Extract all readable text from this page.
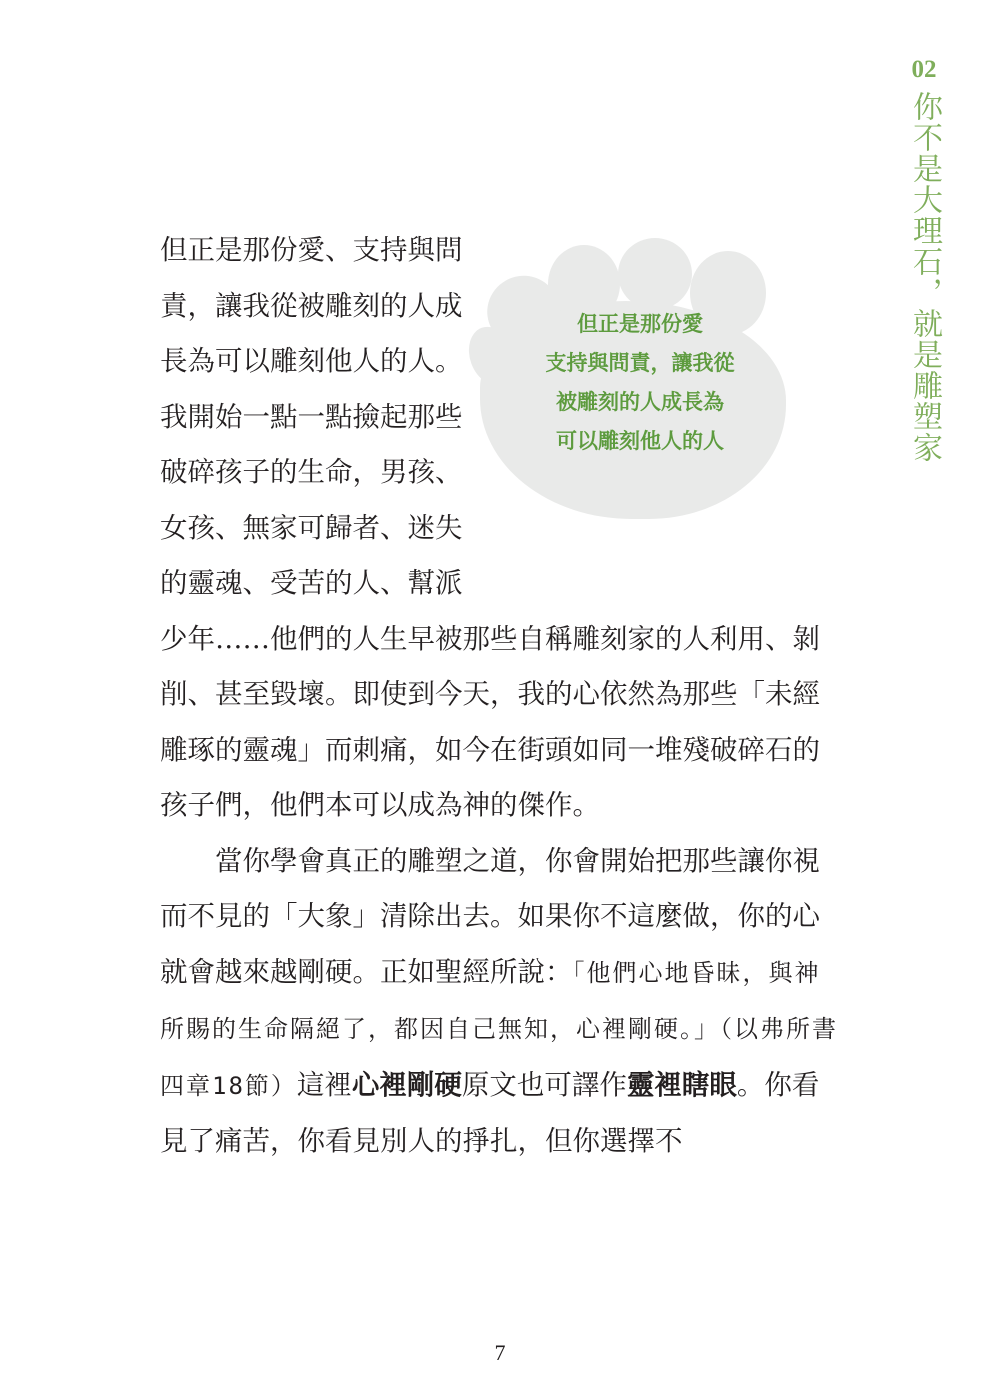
02
你不是大理石，就是雕塑家
但正是那份愛
支持與問責，讓我從
被雕刻的人成長為
可以雕刻他人的人

但正是那份愛、支持與問責，讓我從被雕刻的人成長為可以雕刻他人的人。我開始一點一點撿起那些破碎孩子的生命，男孩、女孩、無家可歸者、迷失的靈魂、受苦的人、幫派少年……他們的人生早被那些自稱雕刻家的人利用、剝削、甚至毀壞。即使到今天，我的心依然為那些「未經雕琢的靈魂」而刺痛，如今在街頭如同一堆殘破碎石的孩子們，他們本可以成為神的傑作。

當你學會真正的雕塑之道，你會開始把那些讓你視而不見的「大象」清除出去。如果你不這麼做，你的心就會越來越剛硬。正如聖經所說：「他們心地昏昧，與神所賜的生命隔絕了，都因自己無知，心裡剛硬。」（以弗所書四章18節）這裡心裡剛硬原文也可譯作靈裡瞎眼。你看見了痛苦，你看見別人的掙扎，但你選擇不

7
